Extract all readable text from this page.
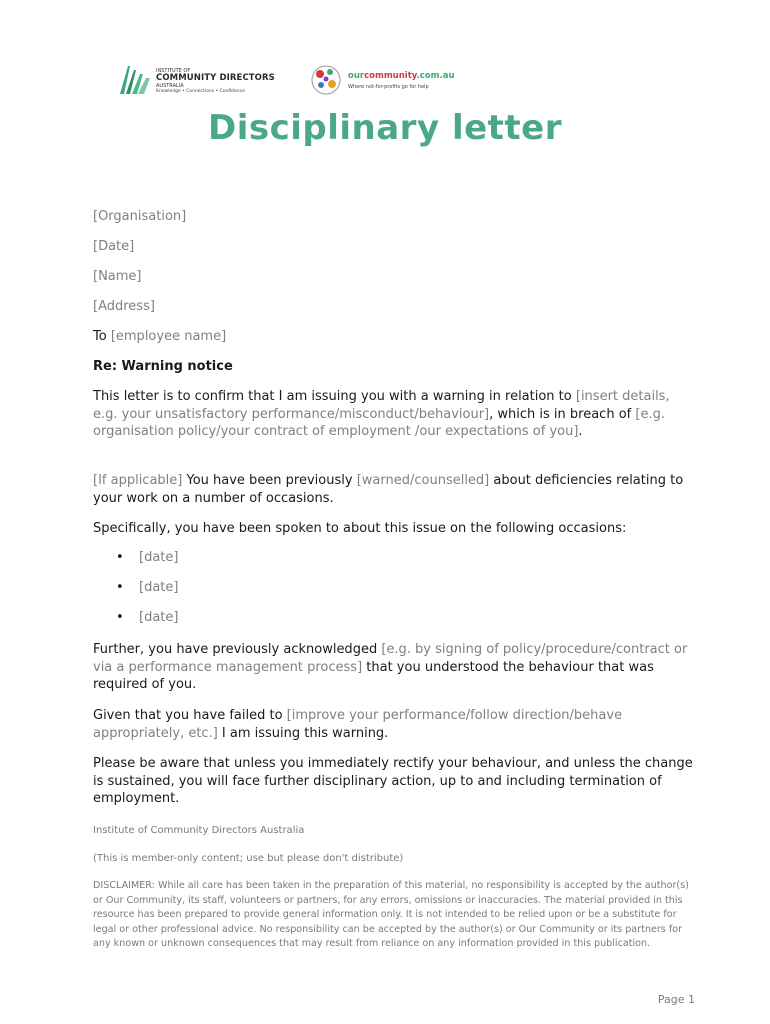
INSTITUTE OF
COMMUNITY DIRECTORS
AUSTRALIA
Knowledge • Connections • Confidence
ourcommunity.com.au
Where not-for-profits go for help
Disciplinary letter
[Organisation]
[Date]
[Name]
[Address]
To [employee name]
Re: Warning notice
This letter is to confirm that I am issuing you with a warning in relation to [insert details, e.g. your unsatisfactory performance/misconduct/behaviour], which is in breach of [e.g. organisation policy/your contract of employment /our expectations of you].
[If applicable] You have been previously [warned/counselled] about deficiencies relating to your work on a number of occasions.
Specifically, you have been spoken to about this issue on the following occasions:
• [date]
• [date]
• [date]
Further, you have previously acknowledged [e.g. by signing of policy/procedure/contract or via a performance management process] that you understood the behaviour that was required of you.
Given that you have failed to [improve your performance/follow direction/behave appropriately, etc.] I am issuing this warning.
Please be aware that unless you immediately rectify your behaviour, and unless the change is sustained, you will face further disciplinary action, up to and including termination of employment.
Institute of Community Directors Australia
(This is member-only content; use but please don't distribute)
DISCLAIMER: While all care has been taken in the preparation of this material, no responsibility is accepted by the author(s) or Our Community, its staff, volunteers or partners, for any errors, omissions or inaccuracies. The material provided in this resource has been prepared to provide general information only. It is not intended to be relied upon or be a substitute for legal or other professional advice. No responsibility can be accepted by the author(s) or Our Community or its partners for any known or unknown consequences that may result from reliance on any information provided in this publication.
Page 1
